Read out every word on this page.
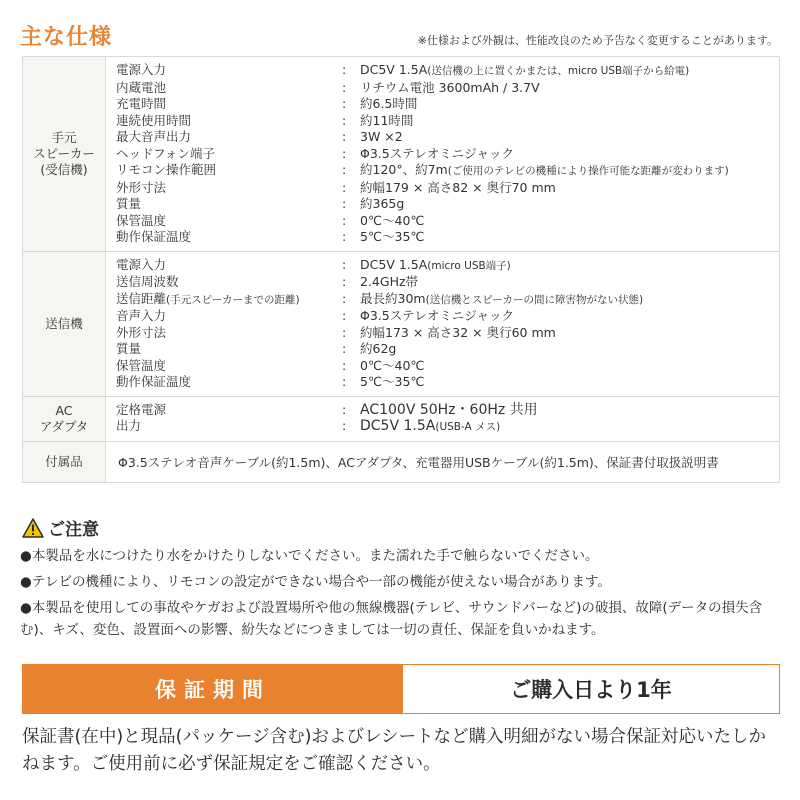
主な仕様	※仕様および外観は、性能改良のため予告なく変更することがあります。
手元
スピーカー
(受信機)
電源入力	:	DC5V 1.5A(送信機の上に置くかまたは、micro USB端子から給電)
内蔵電池	:	リチウム電池 3600mAh / 3.7V
充電時間	:	約6.5時間
連続使用時間	:	約11時間
最大音声出力	:	3W ×2
ヘッドフォン端子	:	Φ3.5ステレオミニジャック
リモコン操作範囲	:	約120°、約7m(ご使用のテレビの機種により操作可能な距離が変わります)
外形寸法	:	約幅179 × 高さ82 × 奥行70 mm
質量	:	約365g
保管温度	:	0℃〜40℃
動作保証温度	:	5℃〜35℃
送信機
電源入力	:	DC5V 1.5A(micro USB端子)
送信周波数	:	2.4GHz帯
送信距離(手元スピーカーまでの距離)	:	最長約30m(送信機とスピーカーの間に障害物がない状態)
音声入力	:	Φ3.5ステレオミニジャック
外形寸法	:	約幅173 × 高さ32 × 奥行60 mm
質量	:	約62g
保管温度	:	0℃〜40℃
動作保証温度	:	5℃〜35℃
AC
アダプタ
定格電源	: AC100V 50Hz・60Hz 共用
出力	: DC5V 1.5A(USB-A メス)
付属品	Φ3.5ステレオ音声ケーブル(約1.5m)、ACアダプタ、充電器用USBケーブル(約1.5m)、保証書付取扱説明書
ご注意
●本製品を水につけたり水をかけたりしないでください。また濡れた手で触らないでください。
●テレビの機種により、リモコンの設定ができない場合や一部の機能が使えない場合があります。
●本製品を使用しての事故やケガおよび設置場所や他の無線機器(テレビ、サウンドバーなど)の破損、故障(データの損失含む)、キズ、変色、設置面への影響、紛失などにつきましては一切の責任、保証を負いかねます。
保証期間	ご購入日より1年
保証書(在中)と現品(パッケージ含む)およびレシートなど購入明細がない場合保証対応いたしかねます。ご使用前に必ず保証規定をご確認ください。
